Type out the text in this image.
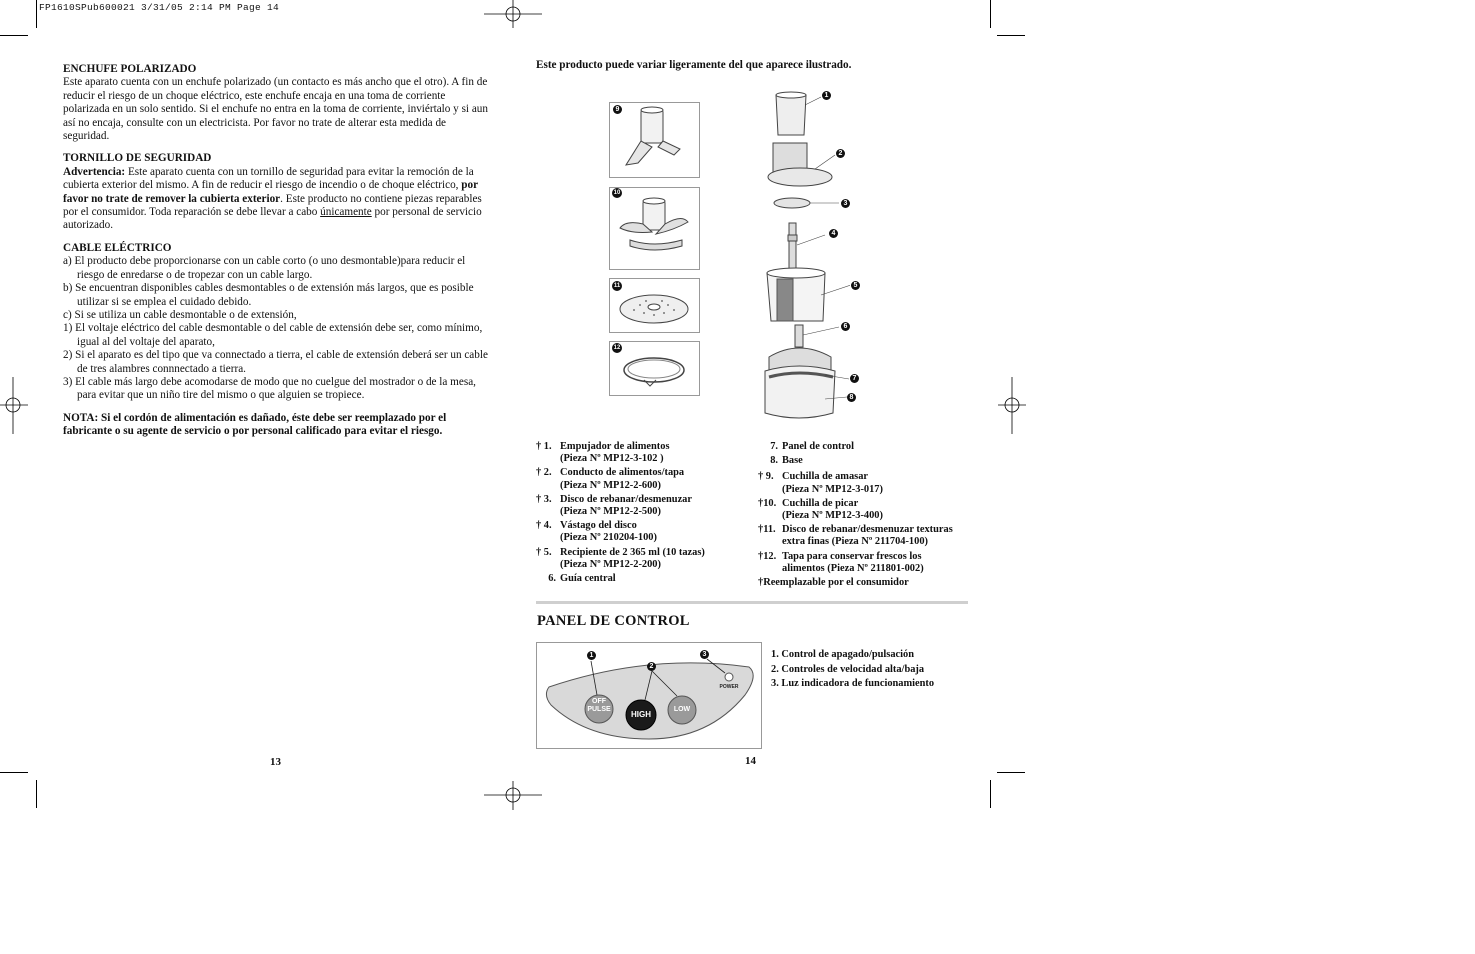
FP1610SPub600021 3/31/05 2:14 PM Page 14
ENCHUFE POLARIZADO

Este aparato cuenta con un enchufe polarizado (un contacto es más ancho que el otro). A fin de reducir el riesgo de un choque eléctrico, este enchufe encaja en una toma de corriente polarizada en un solo sentido. Si el enchufe no entra en la toma de corriente, inviértalo y si aun así no encaja, consulte con un electricista. Por favor no trate de alterar esta medida de seguridad.

TORNILLO DE SEGURIDAD

Advertencia: Este aparato cuenta con un tornillo de seguridad para evitar la remoción de la cubierta exterior del mismo. A fin de reducir el riesgo de incendio o de choque eléctrico, por favor no trate de remover la cubierta exterior. Este producto no contiene piezas reparables por el consumidor. Toda reparación se debe llevar a cabo únicamente por personal de servicio autorizado.

CABLE ELÉCTRICO

a) El producto debe proporcionarse con un cable corto (o uno desmontable)para reducir el riesgo de enredarse o de tropezar con un cable largo.

b) Se encuentran disponibles cables desmontables o de extensión más largos, que es posible utilizar si se emplea el cuidado debido.

c) Si se utiliza un cable desmontable o de extensión,

1) El voltaje eléctrico del cable desmontable o del cable de extensión debe ser, como mínimo, igual al del voltaje del aparato,

2) Si el aparato es del tipo que va connectado a tierra, el cable de extensión deberá ser un cable de tres alambres connnectado a tierra.

3) El cable más largo debe acomodarse de modo que no cuelgue del mostrador o de la mesa, para evitar que un niño tire del mismo o que alguien se tropiece.

NOTA: Si el cordón de alimentación es dañado, éste debe ser reemplazado por el fabricante o su agente de servicio o por personal calificado para evitar el riesgo.

13
Este producto puede variar ligeramente del que aparece ilustrado.
1
2
3
4
5
6
7
8
9
10
11
12
† 1. Empujador de alimentos
(Pieza Nº MP12-3-102 )
† 2. Conducto de alimentos/tapa
(Pieza Nº MP12-2-600)
† 3. Disco de rebanar/desmenuzar
(Pieza Nº MP12-2-500)
† 4. Vástago del disco
(Pieza Nº 210204-100)
† 5. Recipiente de 2 365 ml (10 tazas)
(Pieza Nº MP12-2-200)
6. Guía central
7. Panel de control
8. Base
† 9. Cuchilla de amasar
(Pieza Nº MP12-3-017)
†10. Cuchilla de picar
(Pieza Nº MP12-3-400)
†11. Disco de rebanar/desmenuzar texturas
extra finas (Pieza Nº 211704-100)
†12. Tapa para conservar frescos los
alimentos (Pieza Nº 211801-002)
†Reemplazable por el consumidor
PANEL DE CONTROL
1
2
3
OFF
PULSE
HIGH
LOW
POWER
1. Control de apagado/pulsación
2. Controles de velocidad alta/baja
3. Luz indicadora de funcionamiento
14
